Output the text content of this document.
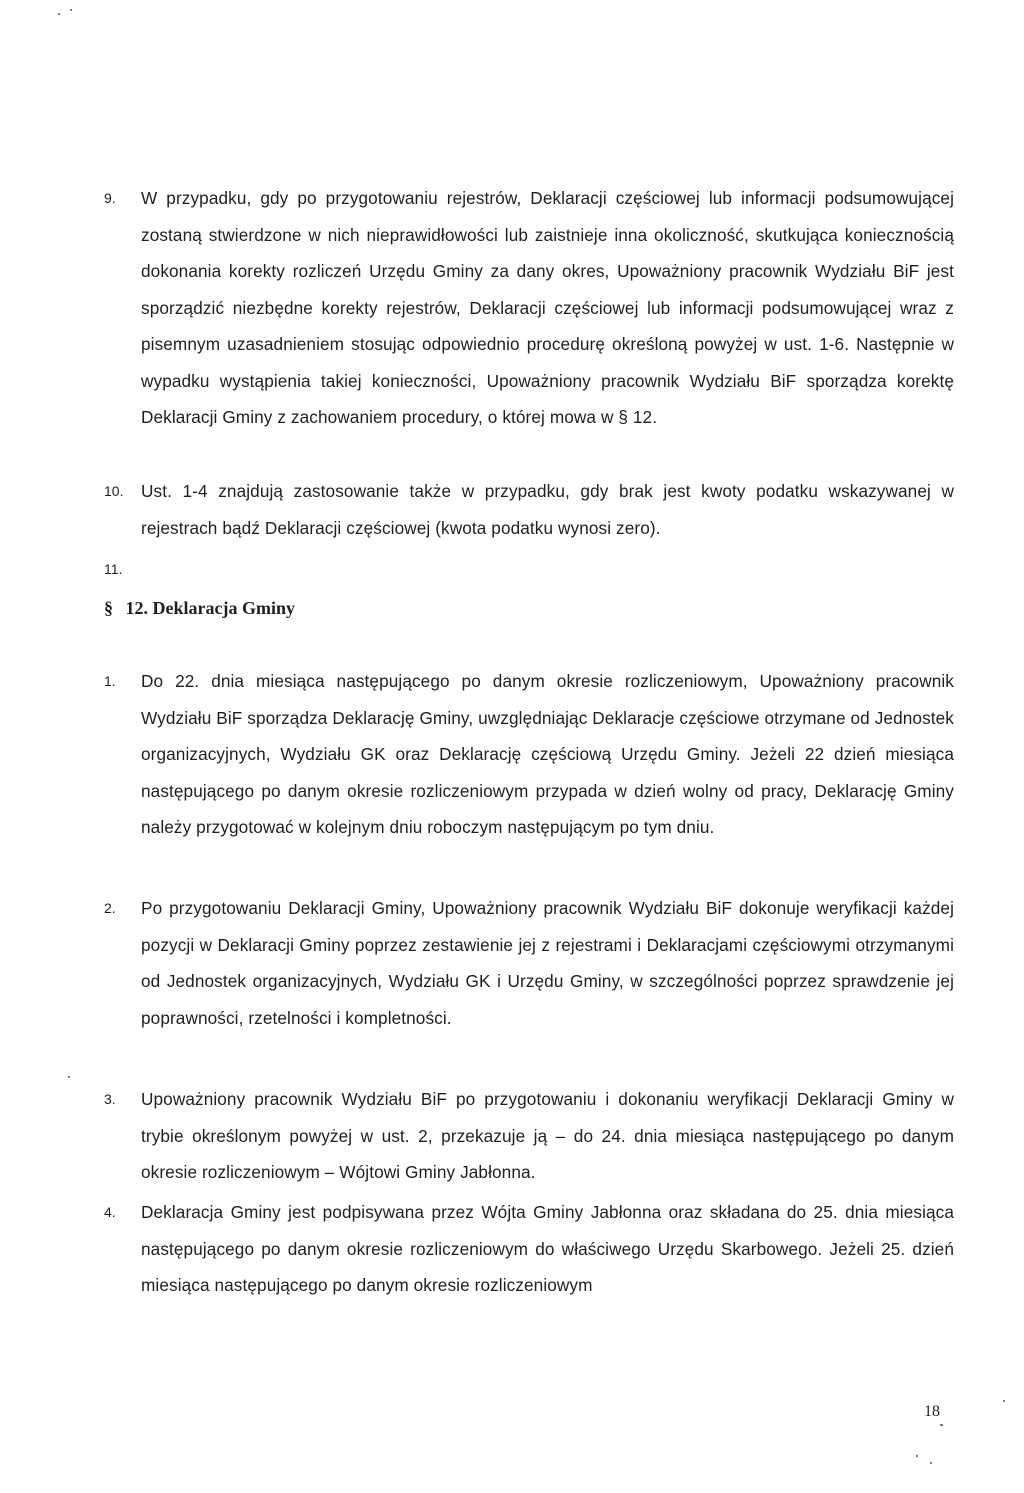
9. W przypadku, gdy po przygotowaniu rejestrów, Deklaracji częściowej lub informacji podsumowującej zostaną stwierdzone w nich nieprawidłowości lub zaistnieje inna okoliczność, skutkująca koniecznością dokonania korekty rozliczeń Urzędu Gminy za dany okres, Upoważniony pracownik Wydziału BiF jest sporządzić niezbędne korekty rejestrów, Deklaracji częściowej lub informacji podsumowującej wraz z pisemnym uzasadnieniem stosując odpowiednio procedurę określoną powyżej w ust. 1-6. Następnie w wypadku wystąpienia takiej konieczności, Upoważniony pracownik Wydziału BiF sporządza korektę Deklaracji Gminy z zachowaniem procedury, o której mowa w § 12.
10. Ust. 1-4 znajdują zastosowanie także w przypadku, gdy brak jest kwoty podatku wskazywanej w rejestrach bądź Deklaracji częściowej (kwota podatku wynosi zero).
11.
§ 12. Deklaracja Gminy
1. Do 22. dnia miesiąca następującego po danym okresie rozliczeniowym, Upoważniony pracownik Wydziału BiF sporządza Deklarację Gminy, uwzględniając Deklaracje częściowe otrzymane od Jednostek organizacyjnych, Wydziału GK oraz Deklarację częściową Urzędu Gminy. Jeżeli 22 dzień miesiąca następującego po danym okresie rozliczeniowym przypada w dzień wolny od pracy, Deklarację Gminy należy przygotować w kolejnym dniu roboczym następującym po tym dniu.
2. Po przygotowaniu Deklaracji Gminy, Upoważniony pracownik Wydziału BiF dokonuje weryfikacji każdej pozycji w Deklaracji Gminy poprzez zestawienie jej z rejestrami i Deklaracjami częściowymi otrzymanymi od Jednostek organizacyjnych, Wydziału GK i Urzędu Gminy, w szczególności poprzez sprawdzenie jej poprawności, rzetelności i kompletności.
3. Upoważniony pracownik Wydziału BiF po przygotowaniu i dokonaniu weryfikacji Deklaracji Gminy w trybie określonym powyżej w ust. 2, przekazuje ją – do 24. dnia miesiąca następującego po danym okresie rozliczeniowym – Wójtowi Gminy Jabłonna.
4. Deklaracja Gminy jest podpisywana przez Wójta Gminy Jabłonna oraz składana do 25. dnia miesiąca następującego po danym okresie rozliczeniowym do właściwego Urzędu Skarbowego. Jeżeli 25. dzień miesiąca następującego po danym okresie rozliczeniowym
18
